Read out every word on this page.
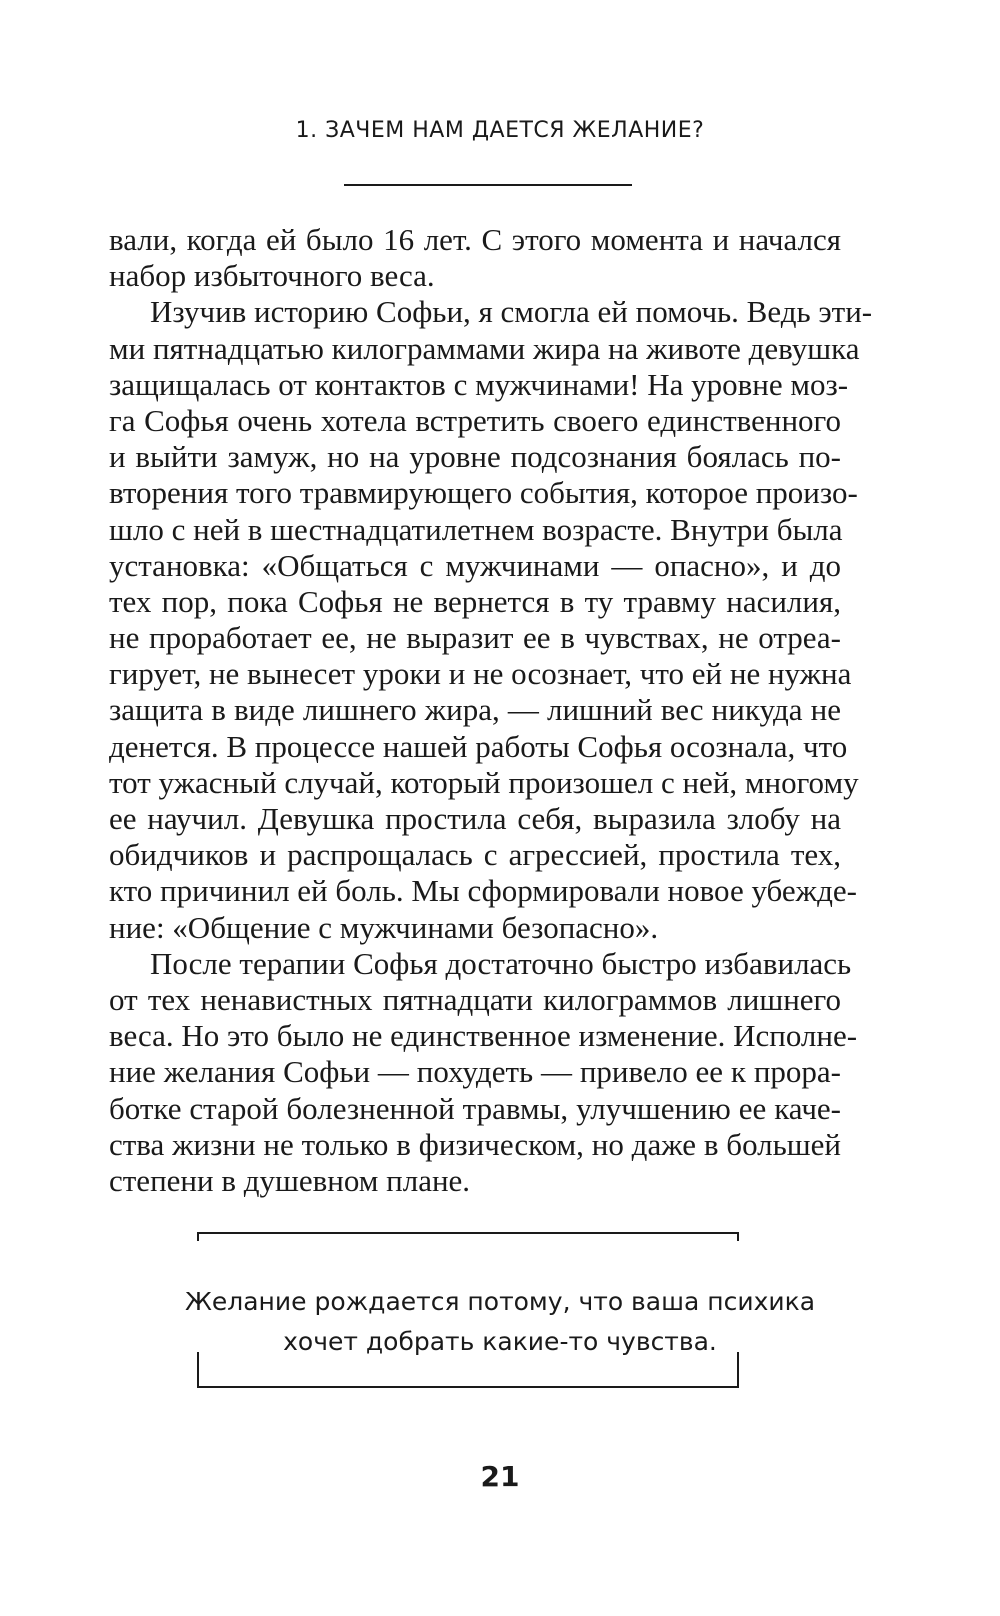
1. ЗАЧЕМ НАМ ДАЕТСЯ ЖЕЛАНИЕ?
вали, когда ей было 16 лет. С этого момента и начался
набор избыточного веса.
Изучив историю Софьи, я смогла ей помочь. Ведь эти-
ми пятнадцатью килограммами жира на животе девушка
защищалась от контактов с мужчинами! На уровне моз-
га Софья очень хотела встретить своего единственного
и выйти замуж, но на уровне подсознания боялась по-
вторения того травмирующего события, которое произо-
шло с ней в шестнадцатилетнем возрасте. Внутри была
установка: «Общаться с мужчинами — опасно», и до
тех пор, пока Софья не вернется в ту травму насилия,
не проработает ее, не выразит ее в чувствах, не отреа-
гирует, не вынесет уроки и не осознает, что ей не нужна
защита в виде лишнего жира, — лишний вес никуда не
денется. В процессе нашей работы Софья осознала, что
тот ужасный случай, который произошел с ней, многому
ее научил. Девушка простила себя, выразила злобу на
обидчиков и распрощалась с агрессией, простила тех,
кто причинил ей боль. Мы сформировали новое убежде-
ние: «Общение с мужчинами безопасно».
После терапии Софья достаточно быстро избавилась
от тех ненавистных пятнадцати килограммов лишнего
веса. Но это было не единственное изменение. Исполне-
ние желания Софьи — похудеть — привело ее к прора-
ботке старой болезненной травмы, улучшению ее каче-
ства жизни не только в физическом, но даже в большей
степени в душевном плане.
Желание рождается потому, что ваша психика
хочет добрать какие-то чувства.
21
